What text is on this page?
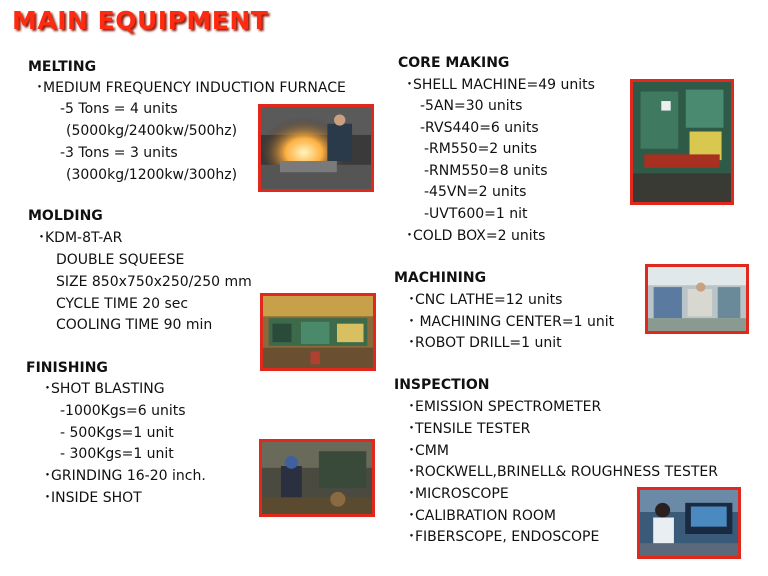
MAIN EQUIPMENT
MELTING
･MEDIUM FREQUENCY INDUCTION FURNACE
-5 Tons = 4 units
(5000kg/2400kw/500hz)
-3 Tons = 3 units
(3000kg/1200kw/300hz)
MOLDING
･KDM-8T-AR
DOUBLE SQUEESE
SIZE 850x750x250/250 mm
CYCLE TIME 20 sec
COOLING TIME 90 min
FINISHING
･SHOT BLASTING
-1000Kgs=6 units
- 500Kgs=1 unit
- 300Kgs=1 unit
･GRINDING 16-20 inch.
･INSIDE SHOT
CORE MAKING
･SHELL MACHINE=49 units
-5AN=30 units
-RVS440=6 units
-RM550=2 units
-RNM550=8 units
-45VN=2 units
-UVT600=1 nit
･COLD BOX=2 units
MACHINING
･CNC LATHE=12 units
･ MACHINING CENTER=1 unit
･ROBOT DRILL=1 unit
INSPECTION
･EMISSION SPECTROMETER
･TENSILE TESTER
･CMM
･ROCKWELL,BRINELL& ROUGHNESS TESTER
･MICROSCOPE
･CALIBRATION ROOM
･FIBERSCOPE, ENDOSCOPE
